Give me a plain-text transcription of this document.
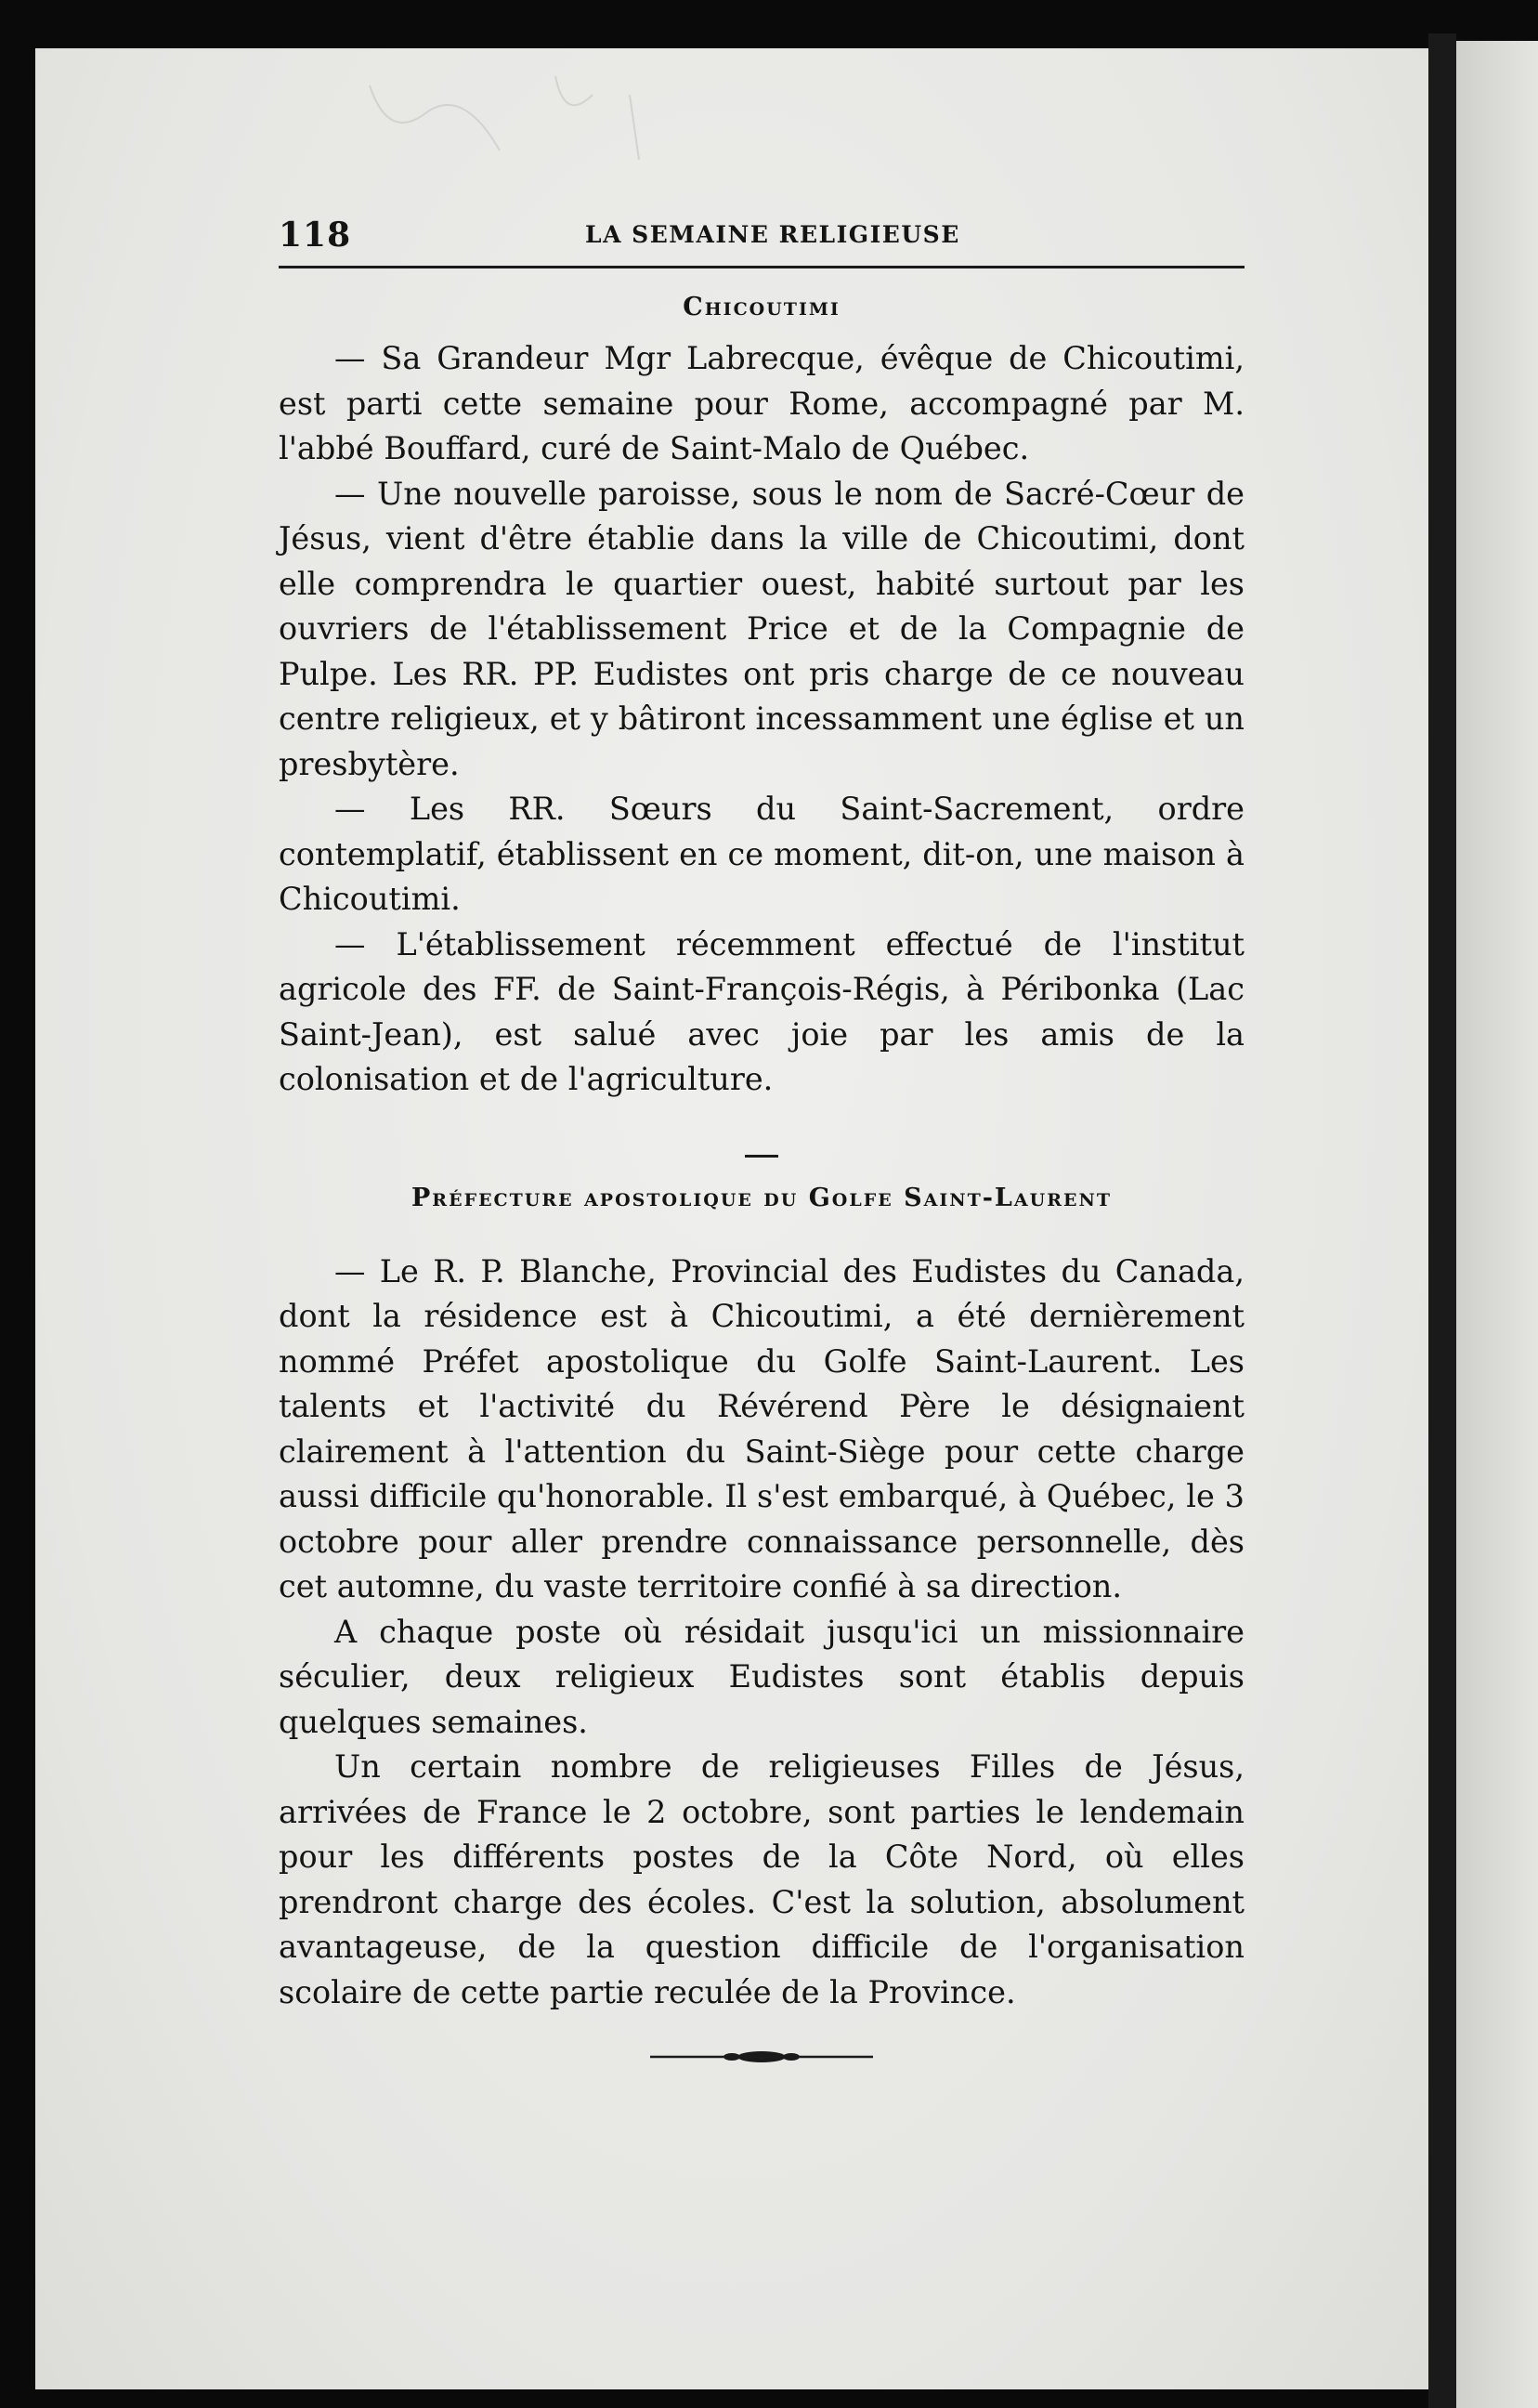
118	LA SEMAINE RELIGIEUSE
Chicoutimi

— Sa Grandeur Mgr Labrecque, évêque de Chicoutimi, est parti cette semaine pour Rome, accompagné par M. l'abbé Bouffard, curé de Saint-Malo de Québec.

— Une nouvelle paroisse, sous le nom de Sacré-Cœur de Jésus, vient d'être établie dans la ville de Chicoutimi, dont elle comprendra le quartier ouest, habité surtout par les ouvriers de l'établissement Price et de la Compagnie de Pulpe. Les RR. PP. Eudistes ont pris charge de ce nouveau centre religieux, et y bâtiront incessamment une église et un presbytère.

— Les RR. Sœurs du Saint-Sacrement, ordre contemplatif, établissent en ce moment, dit-on, une maison à Chicoutimi.

— L'établissement récemment effectué de l'institut agricole des FF. de Saint-François-Régis, à Péribonka (Lac Saint-Jean), est salué avec joie par les amis de la colonisation et de l'agriculture.

Préfecture apostolique du Golfe Saint-Laurent

— Le R. P. Blanche, Provincial des Eudistes du Canada, dont la résidence est à Chicoutimi, a été dernièrement nommé Préfet apostolique du Golfe Saint-Laurent. Les talents et l'activité du Révérend Père le désignaient clairement à l'attention du Saint-Siège pour cette charge aussi difficile qu'honorable. Il s'est embarqué, à Québec, le 3 octobre pour aller prendre connaissance personnelle, dès cet automne, du vaste territoire confié à sa direction.

A chaque poste où résidait jusqu'ici un missionnaire séculier, deux religieux Eudistes sont établis depuis quelques semaines.

Un certain nombre de religieuses Filles de Jésus, arrivées de France le 2 octobre, sont parties le lendemain pour les différents postes de la Côte Nord, où elles prendront charge des écoles. C'est la solution, absolument avantageuse, de la question difficile de l'organisation scolaire de cette partie reculée de la Province.
